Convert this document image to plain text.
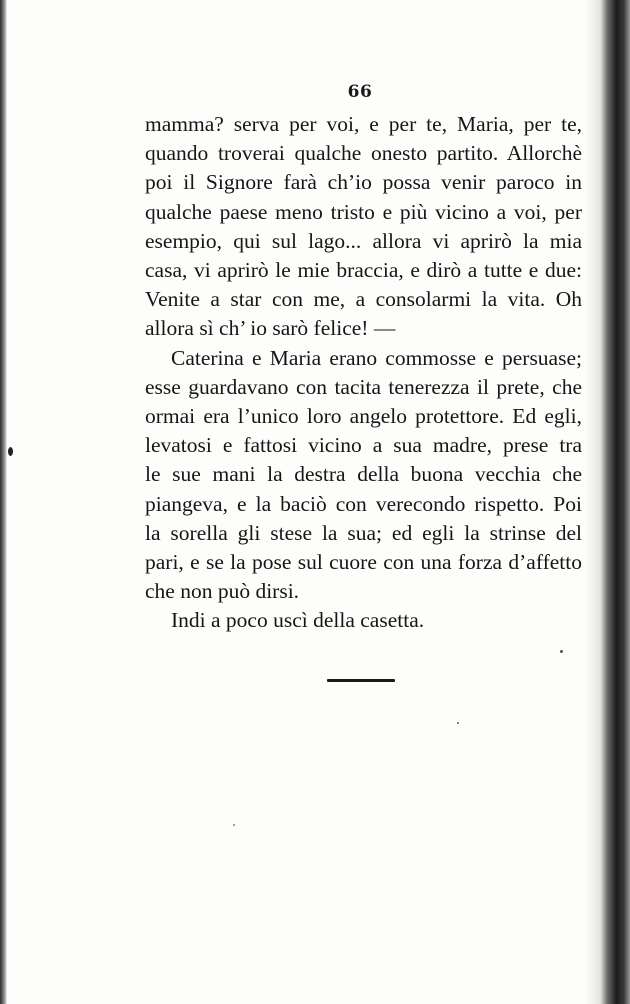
66

mamma? serva per voi, e per te, Maria, per te,
quando troverai qualche onesto partito. Allorchè
poi il Signore farà ch’io possa venir paroco in
qualche paese meno tristo e più vicino a voi, per
esempio, qui sul lago... allora vi aprirò la mia
casa, vi aprirò le mie braccia, e dirò a tutte e due:
Venite a star con me, a consolarmi la vita. Oh
allora sì ch’ io sarò felice! —

Caterina e Maria erano commosse e persuase;
esse guardavano con tacita tenerezza il prete, che
ormai era l’unico loro angelo protettore. Ed egli,
levatosi e fattosi vicino a sua madre, prese tra
le sue mani la destra della buona vecchia che
piangeva, e la baciò con verecondo rispetto. Poi
la sorella gli stese la sua; ed egli la strinse del
pari, e se la pose sul cuore con una forza d’affetto
che non può dirsi.

Indi a poco uscì della casetta.
